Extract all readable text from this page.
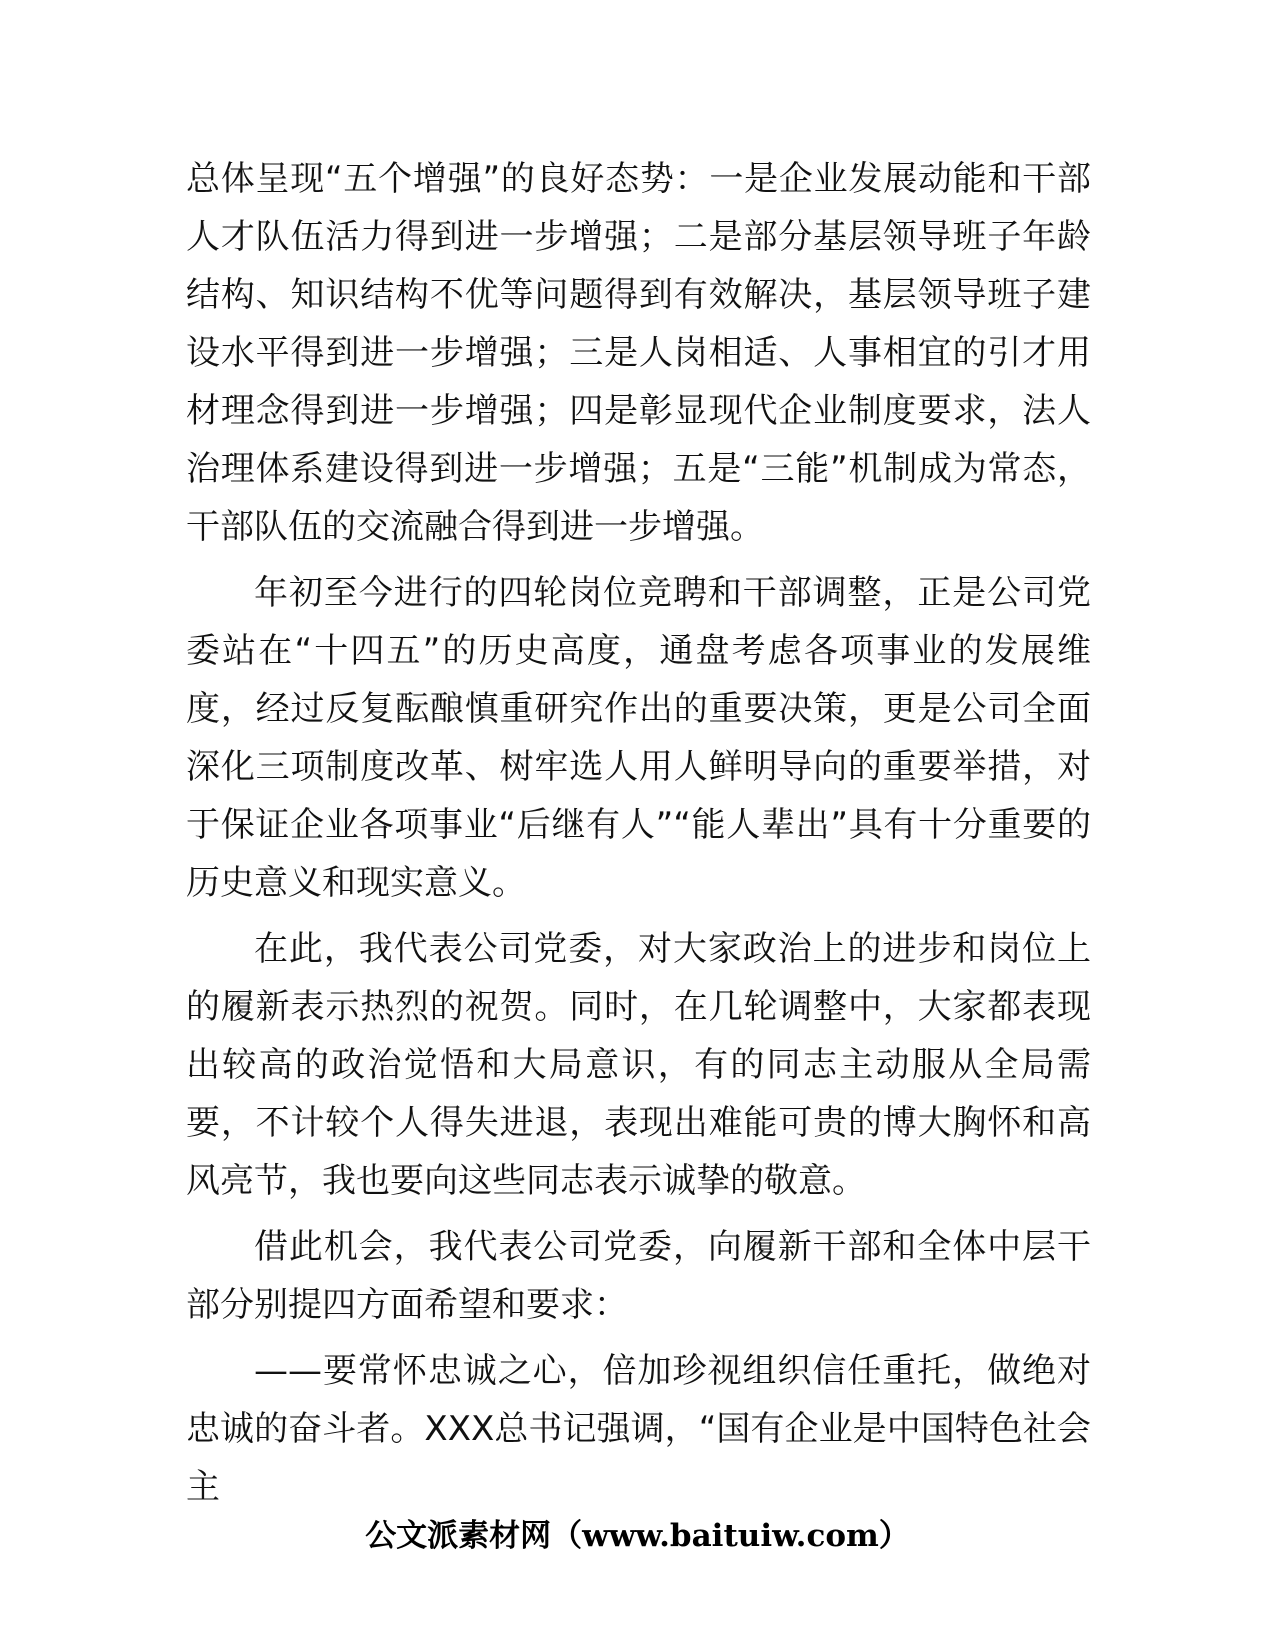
总体呈现“五个增强”的良好态势：一是企业发展动能和干部人才队伍活力得到进一步增强；二是部分基层领导班子年龄结构、知识结构不优等问题得到有效解决，基层领导班子建设水平得到进一步增强；三是人岗相适、人事相宜的引才用材理念得到进一步增强；四是彰显现代企业制度要求，法人治理体系建设得到进一步增强；五是“三能”机制成为常态，干部队伍的交流融合得到进一步增强。

年初至今进行的四轮岗位竞聘和干部调整，正是公司党委站在“十四五”的历史高度，通盘考虑各项事业的发展维度，经过反复酝酿慎重研究作出的重要决策，更是公司全面深化三项制度改革、树牢选人用人鲜明导向的重要举措，对于保证企业各项事业“后继有人”“能人辈出”具有十分重要的历史意义和现实意义。

在此，我代表公司党委，对大家政治上的进步和岗位上的履新表示热烈的祝贺。同时，在几轮调整中，大家都表现出较高的政治觉悟和大局意识，有的同志主动服从全局需要，不计较个人得失进退，表现出难能可贵的博大胸怀和高风亮节，我也要向这些同志表示诚挚的敬意。

借此机会，我代表公司党委，向履新干部和全体中层干部分别提四方面希望和要求：

——要常怀忠诚之心，倍加珍视组织信任重托，做绝对忠诚的奋斗者。XXX总书记强调，“国有企业是中国特色社会主

公文派素材网（www.baituiw.com）
